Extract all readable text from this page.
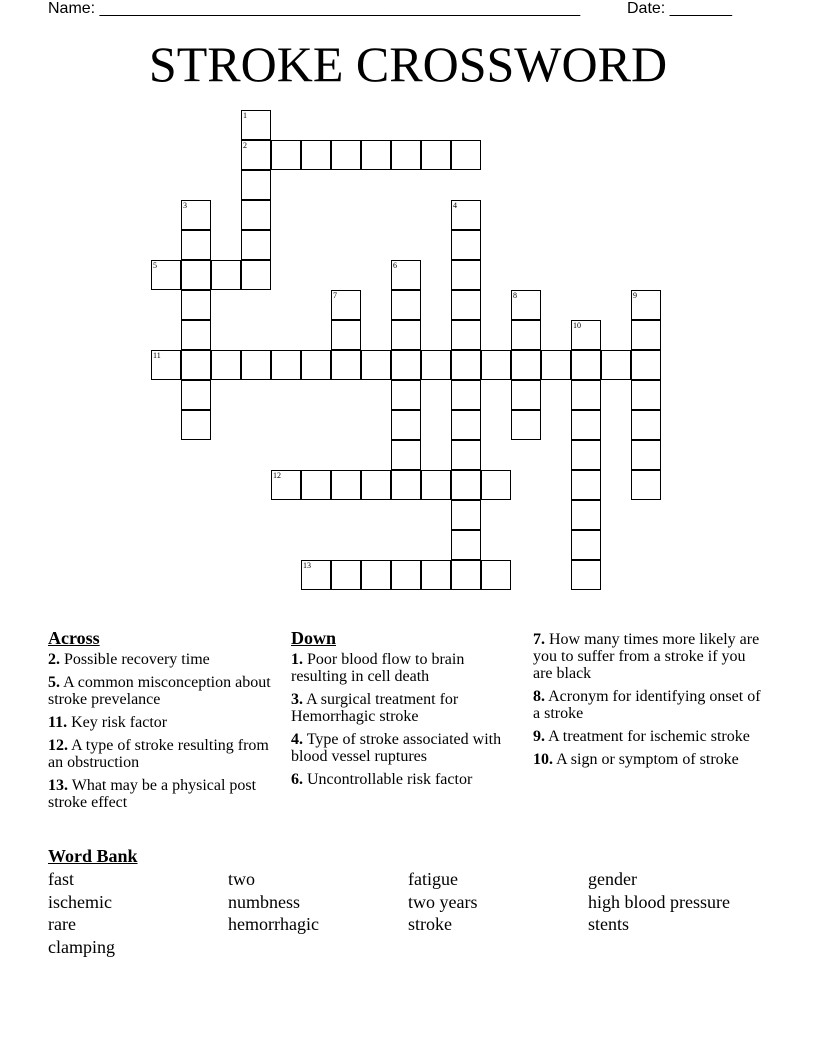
Name: ______________________________________________________	Date: _______
STROKE CROSSWORD
1
2
3	4
5	6
7	8	9
10
11
12
13
Across
2. Possible recovery time
5. A common misconception about stroke prevelance
11. Key risk factor
12. A type of stroke resulting from an obstruction
13. What may be a physical post stroke effect
Down
1. Poor blood flow to brain resulting in cell death
3. A surgical treatment for Hemorrhagic stroke
4. Type of stroke associated with blood vessel ruptures
6. Uncontrollable risk factor
7. How many times more likely are you to suffer from a stroke if you are black
8. Acronym for identifying onset of a stroke
9. A treatment for ischemic stroke
10. A sign or symptom of stroke
Word Bank
fast	two	fatigue	gender
ischemic	numbness	two years	high blood pressure
rare	hemorrhagic	stroke	stents
clamping
